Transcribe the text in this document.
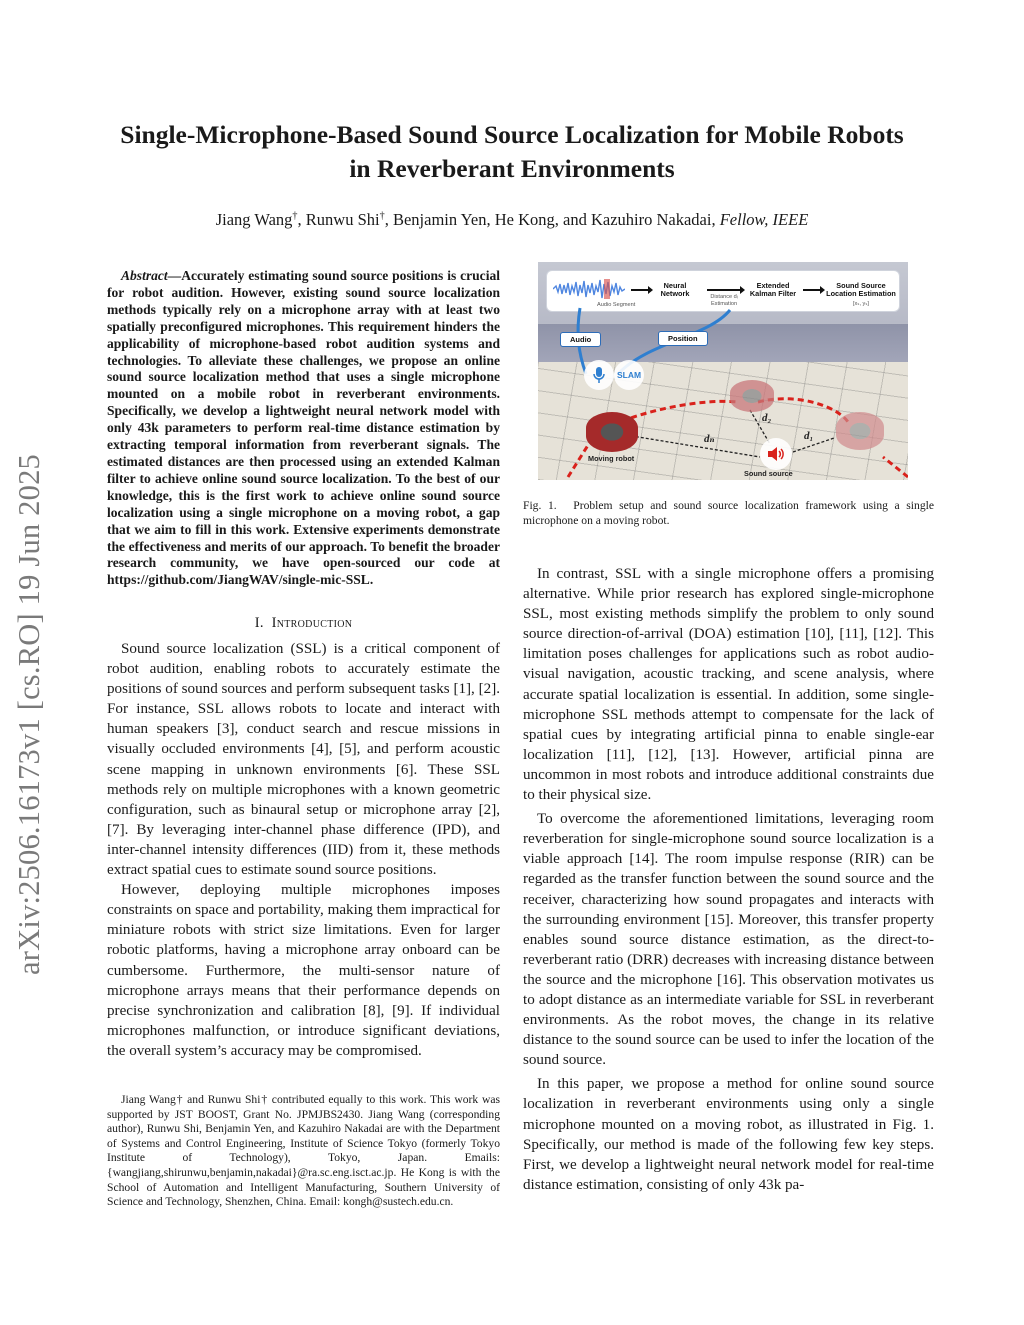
arXiv:2506.16173v1 [cs.RO] 19 Jun 2025
Single-Microphone-Based Sound Source Localization for Mobile Robots
in Reverberant Environments
Jiang Wang†, Runwu Shi†, Benjamin Yen, He Kong, and Kazuhiro Nakadai, Fellow, IEEE
Abstract—Accurately estimating sound source positions is crucial for robot audition. However, existing sound source localization methods typically rely on a microphone array with at least two spatially preconfigured microphones. This requirement hinders the applicability of microphone-based robot audition systems and technologies. To alleviate these challenges, we propose an online sound source localization method that uses a single microphone mounted on a mobile robot in reverberant environments. Specifically, we develop a lightweight neural network model with only 43k parameters to perform real-time distance estimation by extracting temporal information from reverberant signals. The estimated distances are then processed using an extended Kalman filter to achieve online sound source localization. To the best of our knowledge, this is the first work to achieve online sound source localization using a single microphone on a moving robot, a gap that we aim to fill in this work. Extensive experiments demonstrate the effectiveness and merits of our approach. To benefit the broader research community, we have open-sourced our code at https://github.com/JiangWAV/single-mic-SSL.
I. Introduction

Sound source localization (SSL) is a critical component of robot audition, enabling robots to accurately estimate the positions of sound sources and perform subsequent tasks [1], [2]. For instance, SSL allows robots to locate and interact with human speakers [3], conduct search and rescue missions in visually occluded environments [4], [5], and perform acoustic scene mapping in unknown environments [6]. These SSL methods rely on multiple microphones with a known geometric configuration, such as binaural setup or microphone array [2], [7]. By leveraging inter-channel phase difference (IPD), and inter-channel intensity differences (IID) from it, these methods extract spatial cues to estimate sound source positions.

However, deploying multiple microphones imposes constraints on space and portability, making them impractical for miniature robots with strict size limitations. Even for larger robotic platforms, having a microphone array onboard can be cumbersome. Furthermore, the multi-sensor nature of microphone arrays means that their performance depends on precise synchronization and calibration [8], [9]. If individual microphones malfunction, or introduce significant deviations, the overall system’s accuracy may be compromised.

Jiang Wang† and Runwu Shi† contributed equally to this work. This work was supported by JST BOOST, Grant No. JPMJBS2430. Jiang Wang (corresponding author), Runwu Shi, Benjamin Yen, and Kazuhiro Nakadai are with the Department of Systems and Control Engineering, Institute of Science Tokyo (formerly Tokyo Institute of Technology), Tokyo, Japan. Emails: {wangjiang,shirunwu,benjamin,nakadai}@ra.sc.eng.isct.ac.jp. He Kong is with the School of Automation and Intelligent Manufacturing, Southern University of Science and Technology, Shenzhen, China. Email: kongh@sustech.edu.cn.

Audio Segment
Neural Network	Distance dᵢ Estimation
Extended Kalman Filter
Sound Source Location Estimation
[xₛ, yₛ]
Audio	Position
SLAM
Moving robot
Sound source
dₙ
d₂
d₁
Fig. 1. Problem setup and sound source localization framework using a single microphone on a moving robot.

In contrast, SSL with a single microphone offers a promising alternative. While prior research has explored single-microphone SSL, most existing methods simplify the problem to only sound source direction-of-arrival (DOA) estimation [10], [11], [12]. This limitation poses challenges for applications such as robot audio-visual navigation, acoustic tracking, and scene analysis, where accurate spatial localization is essential. In addition, some single-microphone SSL methods attempt to compensate for the lack of spatial cues by integrating artificial pinna to enable single-ear localization [11], [12], [13]. However, artificial pinna are uncommon in most robots and introduce additional constraints due to their physical size.

To overcome the aforementioned limitations, leveraging room reverberation for single-microphone sound source localization is a viable approach [14]. The room impulse response (RIR) can be regarded as the transfer function between the sound source and the receiver, characterizing how sound propagates and interacts with the surrounding environment [15]. Moreover, this transfer property enables sound source distance estimation, as the direct-to-reverberant ratio (DRR) decreases with increasing distance between the source and the microphone [16]. This observation motivates us to adopt distance as an intermediate variable for SSL in reverberant environments. As the robot moves, the change in its relative distance to the sound source can be used to infer the location of the sound source.

In this paper, we propose a method for online sound source localization in reverberant environments using only a single microphone mounted on a moving robot, as illustrated in Fig. 1. Specifically, our method is made of the following few key steps. First, we develop a lightweight neural network model for real-time distance estimation, consisting of only 43k pa-
